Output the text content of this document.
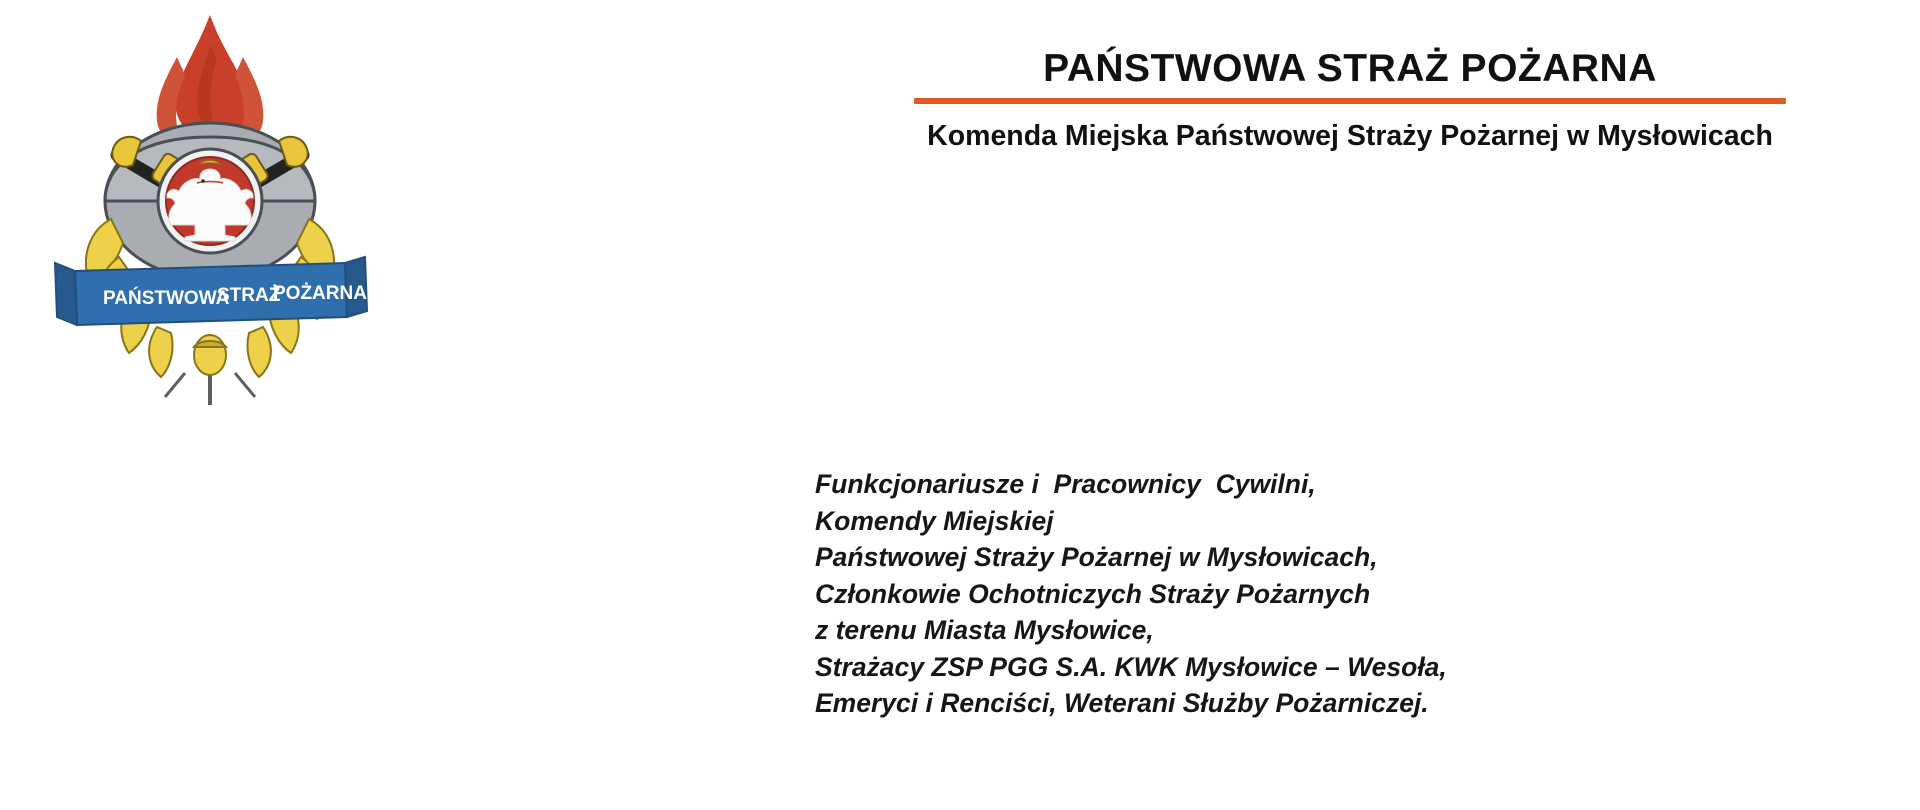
PAŃSTWOWA
STRAŻ
POŻARNA
PAŃSTWOWA STRAŻ POŻARNA
Komenda Miejska Państwowej Straży Pożarnej w Mysłowicach
Funkcjonariusze i  Pracownicy  Cywilni,
Komendy Miejskiej
Państwowej Straży Pożarnej w Mysłowicach,
Członkowie Ochotniczych Straży Pożarnych
z terenu Miasta Mysłowice,
Strażacy ZSP PGG S.A. KWK Mysłowice – Wesoła,
Emeryci i Renciści, Weterani Służby Pożarniczej.
